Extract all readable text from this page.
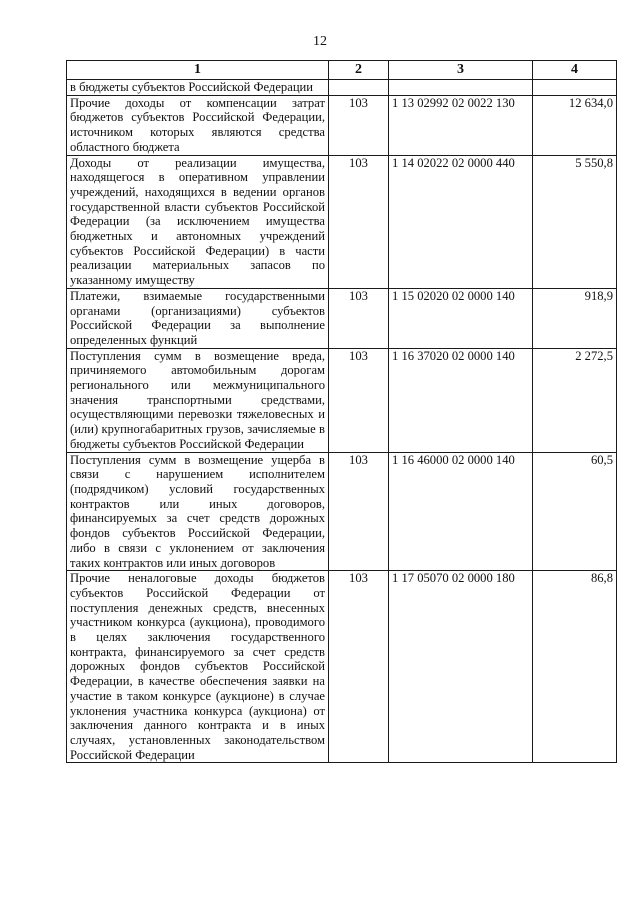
12
1	2	3	4
в бюджеты субъектов Российской Федерации			
Прочие доходы от компенсации затрат бюджетов субъектов Российской Федерации, источником которых являются средства областного бюджета	103	1 13 02992 02 0022 130	12 634,0
Доходы от реализации имущества, находящегося в оперативном управлении учреждений, находящихся в ведении органов государственной власти субъектов Российской Федерации (за исключением имущества бюджетных и автономных учреждений субъектов Российской Федерации) в части реализации материальных запасов по указанному имуществу	103	1 14 02022 02 0000 440	5 550,8
Платежи, взимаемые государственными органами (организациями) субъектов Российской Федерации за выполнение определенных функций	103	1 15 02020 02 0000 140	918,9
Поступления сумм в возмещение вреда, причиняемого автомобильным дорогам регионального или межмуниципального значения транспортными средствами, осуществляющими перевозки тяжеловесных и (или) крупногабаритных грузов, зачисляемые в бюджеты субъектов Российской Федерации	103	1 16 37020 02 0000 140	2 272,5
Поступления сумм в возмещение ущерба в связи с нарушением исполнителем (подрядчиком) условий государственных контрактов или иных договоров, финансируемых за счет средств дорожных фондов субъектов Российской Федерации, либо в связи с уклонением от заключения таких контрактов или иных договоров	103	1 16 46000 02 0000 140	60,5
Прочие неналоговые доходы бюджетов субъектов Российской Федерации от поступления денежных средств, внесенных участником конкурса (аукциона), проводимого в целях заключения государственного контракта, финансируемого за счет средств дорожных фондов субъектов Российской Федерации, в качестве обеспечения заявки на участие в таком конкурсе (аукционе) в случае уклонения участника конкурса (аукциона) от заключения данного контракта и в иных случаях, установленных законодательством Российской Федерации	103	1 17 05070 02 0000 180	86,8
